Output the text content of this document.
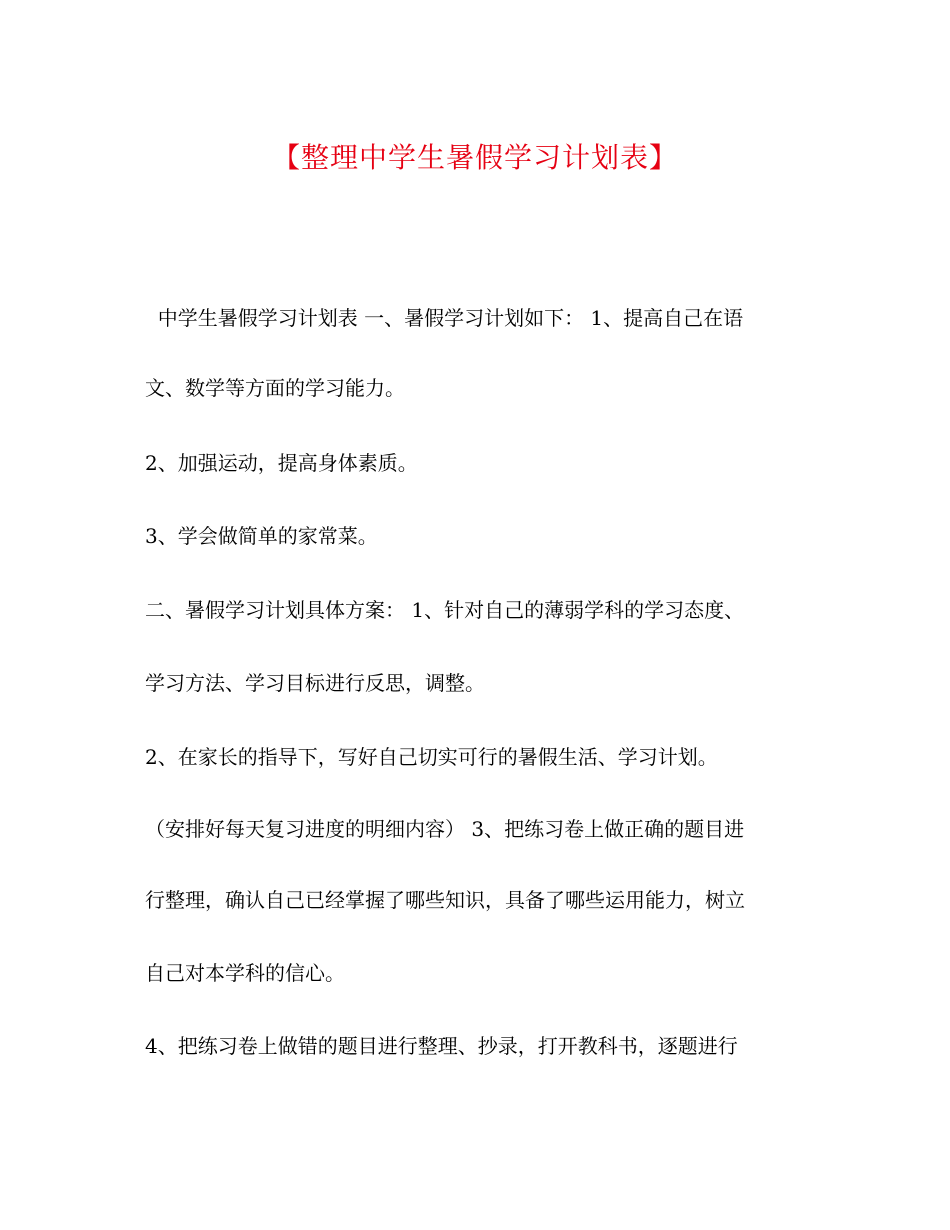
【整理中学生暑假学习计划表】
中学生暑假学习计划表 一、暑假学习计划如下： 1、提高自己在语
文、数学等方面的学习能力。
2、加强运动，提高身体素质。
3、学会做简单的家常菜。
二、暑假学习计划具体方案： 1、针对自己的薄弱学科的学习态度、
学习方法、学习目标进行反思，调整。
2、在家长的指导下，写好自己切实可行的暑假生活、学习计划。
（安排好每天复习进度的明细内容） 3、把练习卷上做正确的题目进
行整理，确认自己已经掌握了哪些知识，具备了哪些运用能力，树立
自己对本学科的信心。
4、把练习卷上做错的题目进行整理、抄录，打开教科书，逐题进行
